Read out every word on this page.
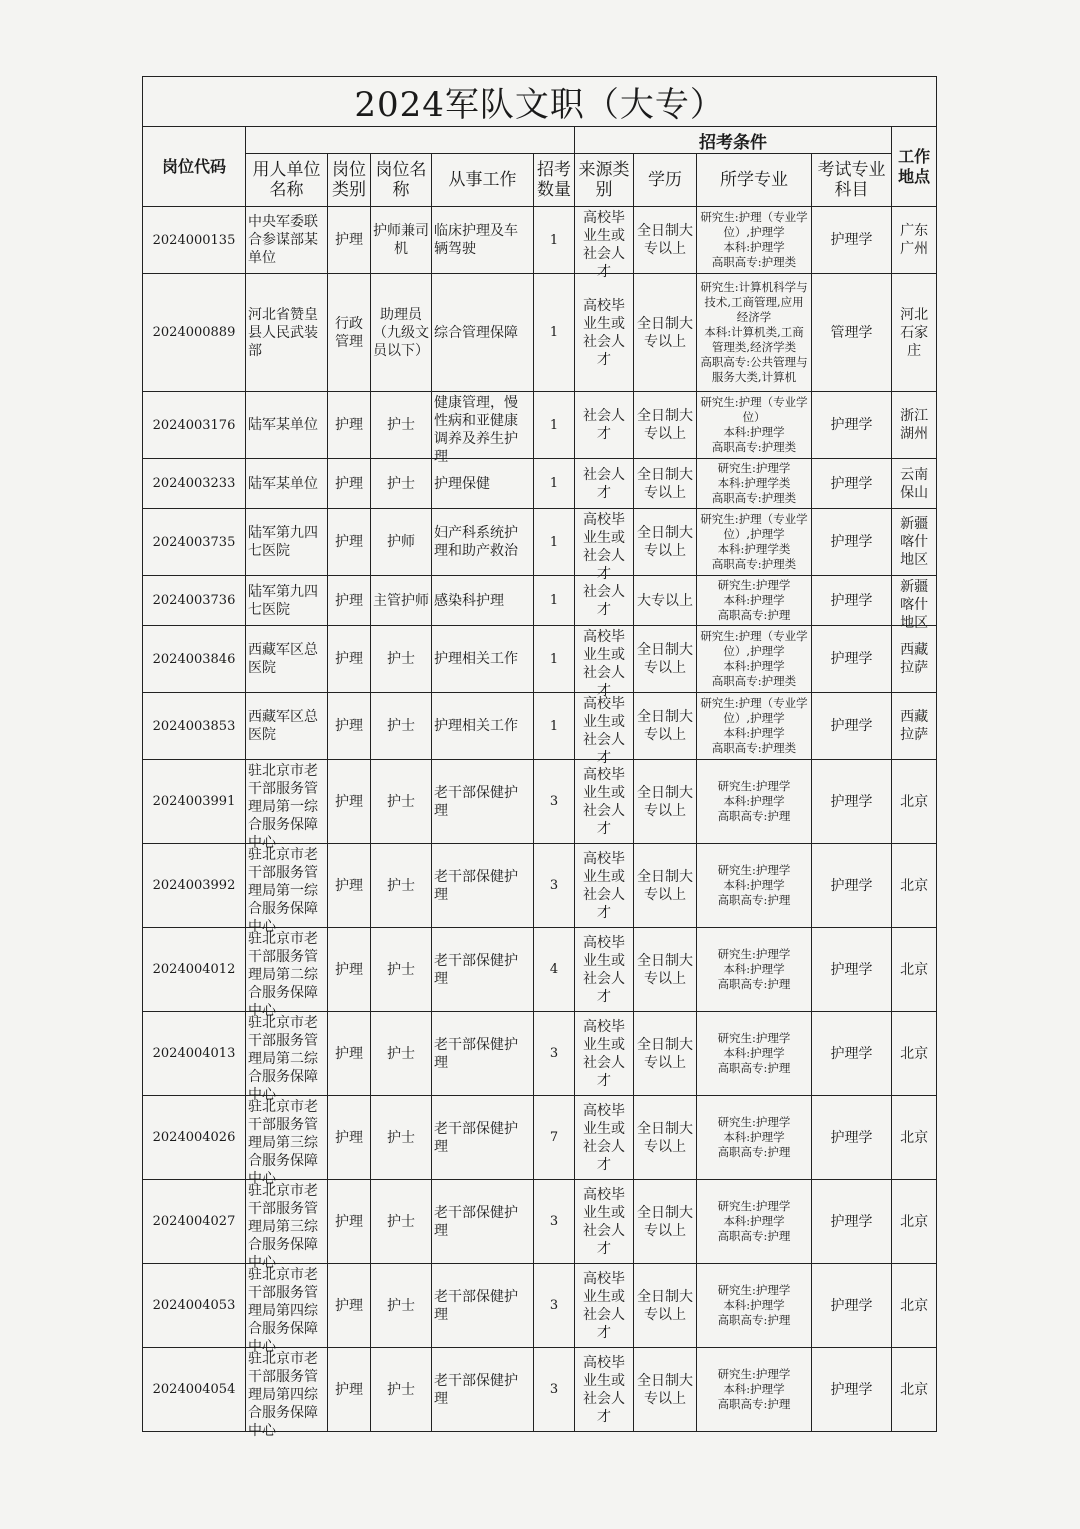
2024军队文职（大专）										
岗位代码						招考条件				工作地点
	用人单位名称	岗位类别	岗位名称	从事工作	招考数量	来源类别	学历	所学专业	考试专业科目	

2024000135	中央军委联合参谋部某单位	护理	护师兼司机	临床护理及车辆驾驶	1	高校毕业生或社会人才	全日制大专以上	研究生:护理（专业学位）,护理学
本科:护理学
高职高专:护理类	护理学	广东广州

2024000889	河北省赞皇县人民武装部	行政管理	助理员（九级文员以下）	综合管理保障	1	高校毕业生或社会人才	全日制大专以上	研究生:计算机科学与技术,工商管理,应用经济学
本科:计算机类,工商管理类,经济学类
高职高专:公共管理与服务大类,计算机	管理学	河北石家庄

2024003176	陆军某单位	护理	护士	健康管理，慢性病和亚健康调养及养生护理	1	社会人才	全日制大专以上	研究生:护理（专业学位）
本科:护理学
高职高专:护理类	护理学	浙江湖州

2024003233	陆军某单位	护理	护士	护理保健	1	社会人才	全日制大专以上	研究生:护理学
本科:护理学类
高职高专:护理类	护理学	云南保山

2024003735	陆军第九四七医院	护理	护师	妇产科系统护理和助产救治	1	高校毕业生或社会人才	全日制大专以上	研究生:护理（专业学位）,护理学
本科:护理学类
高职高专:护理类	护理学	新疆喀什地区

2024003736	陆军第九四七医院	护理	主管护师	感染科护理	1	社会人才	大专以上	研究生:护理学
本科:护理学
高职高专:护理	护理学	新疆喀什地区

2024003846	西藏军区总医院	护理	护士	护理相关工作	1	高校毕业生或社会人才	全日制大专以上	研究生:护理（专业学位）,护理学
本科:护理学
高职高专:护理类	护理学	西藏拉萨

2024003853	西藏军区总医院	护理	护士	护理相关工作	1	高校毕业生或社会人才	全日制大专以上	研究生:护理（专业学位）,护理学
本科:护理学
高职高专:护理类	护理学	西藏拉萨

2024003991	驻北京市老干部服务管理局第一综合服务保障中心	护理	护士	老干部保健护理	3	高校毕业生或社会人才	全日制大专以上	研究生:护理学
本科:护理学
高职高专:护理	护理学	北京

2024003992	驻北京市老干部服务管理局第一综合服务保障中心	护理	护士	老干部保健护理	3	高校毕业生或社会人才	全日制大专以上	研究生:护理学
本科:护理学
高职高专:护理	护理学	北京

2024004012	驻北京市老干部服务管理局第二综合服务保障中心	护理	护士	老干部保健护理	4	高校毕业生或社会人才	全日制大专以上	研究生:护理学
本科:护理学
高职高专:护理	护理学	北京

2024004013	驻北京市老干部服务管理局第二综合服务保障中心	护理	护士	老干部保健护理	3	高校毕业生或社会人才	全日制大专以上	研究生:护理学
本科:护理学
高职高专:护理	护理学	北京

2024004026	驻北京市老干部服务管理局第三综合服务保障中心	护理	护士	老干部保健护理	7	高校毕业生或社会人才	全日制大专以上	研究生:护理学
本科:护理学
高职高专:护理	护理学	北京

2024004027	驻北京市老干部服务管理局第三综合服务保障中心	护理	护士	老干部保健护理	3	高校毕业生或社会人才	全日制大专以上	研究生:护理学
本科:护理学
高职高专:护理	护理学	北京

2024004053	驻北京市老干部服务管理局第四综合服务保障中心	护理	护士	老干部保健护理	3	高校毕业生或社会人才	全日制大专以上	研究生:护理学
本科:护理学
高职高专:护理	护理学	北京

2024004054	驻北京市老干部服务管理局第四综合服务保障中心	护理	护士	老干部保健护理	3	高校毕业生或社会人才	全日制大专以上	研究生:护理学
本科:护理学
高职高专:护理	护理学	北京
